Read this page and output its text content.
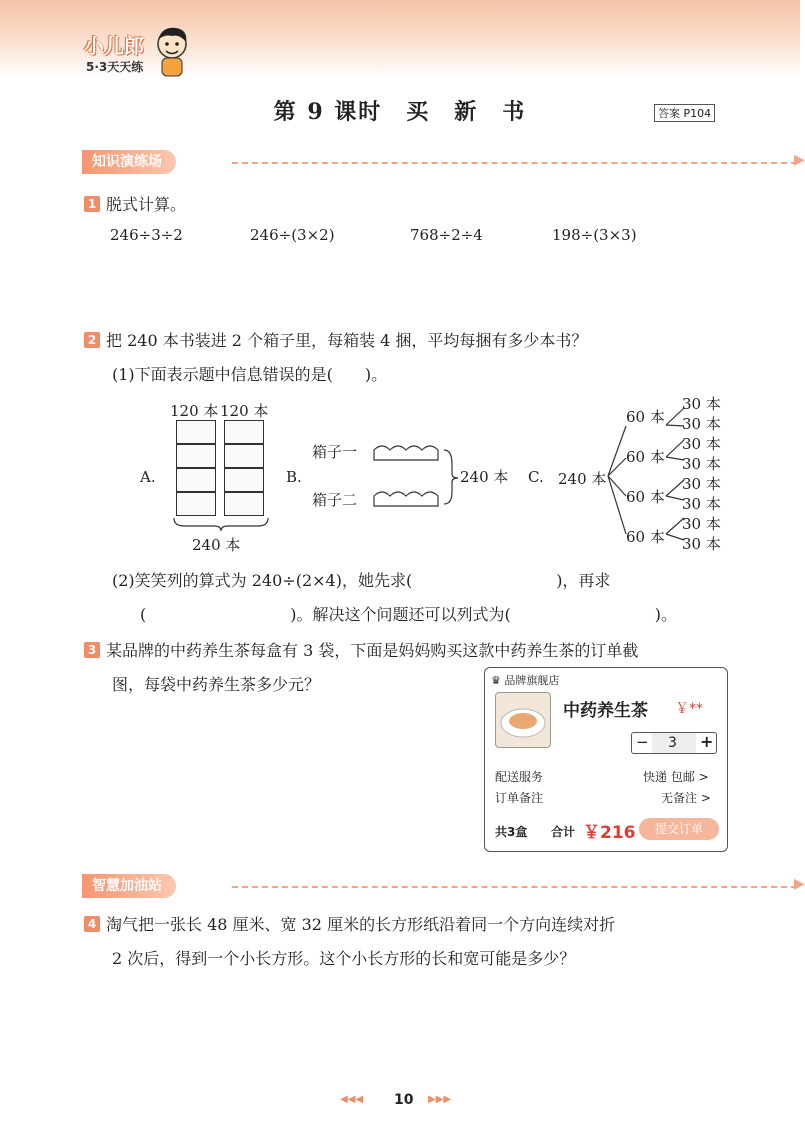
小儿郎
5·3天天练
第 9 课时　买　新　书	答案 P104
知识演练场	▶
1 脱式计算。
246÷3÷2	246÷(3×2)	768÷2÷4	198÷(3×3)
2 把 240 本书装进 2 个箱子里，每箱装 4 捆，平均每捆有多少本书？
(1)下面表示题中信息错误的是(　　)。
A.
120 本 120 本
240 本
B.
箱子一
箱子二
240 本 C. 240 本
60 本
60 本
60 本
60 本
30 本
30 本
30 本
30 本
30 本
30 本
30 本
30 本
(2)笑笑列的算式为 240÷(2×4)，她先求(　　　　　　　　　)，再求
(　　　　　　　　　)。解决这个问题还可以列式为(　　　　　　　　　)。
3 某品牌的中药养生茶每盒有 3 袋，下面是妈妈购买这款中药养生茶的订单截
图，每袋中药养生茶多少元？	♛ 品牌旗舰店
中药养生茶 ￥**
− 3 +
配送服务	快递 包邮 >
订单备注	无备注 >
共3盒 合计 ￥216	提交订单
智慧加油站	▶
4 淘气把一张长 48 厘米、宽 32 厘米的长方形纸沿着同一个方向连续对折
2 次后，得到一个小长方形。这个小长方形的长和宽可能是多少？
◀◀◀ 10 ▶▶▶
